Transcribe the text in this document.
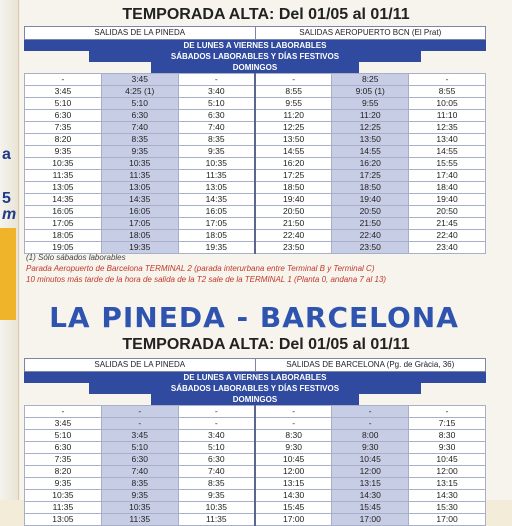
a
5
m
TEMPORADA ALTA: Del 01/05 al 01/11
SALIDAS DE LA PINEDA	SALIDAS AEROPUERTO BCN (El Prat)
DE LUNES A VIERNES LABORABLES
SÁBADOS LABORABLES Y DÍAS FESTIVOS
DOMINGOS
-	3:45	-	-	8:25	-
3:45	4:25 (1)	3:40	8:55	9:05 (1)	8:55
5:10	5:10	5:10	9:55	9:55	10:05
6:30	6:30	6:30	11:20	11:20	11:10
7:35	7:40	7:40	12:25	12:25	12:35
8:20	8:35	8:35	13:50	13:50	13:40
9:35	9:35	9:35	14:55	14:55	14:55
10:35	10:35	10:35	16:20	16:20	15:55
11:35	11:35	11:35	17:25	17:25	17:40
13:05	13:05	13:05	18:50	18:50	18:40
14:35	14:35	14:35	19:40	19:40	19:40
16:05	16:05	16:05	20:50	20:50	20:50
17:05	17:05	17:05	21:50	21:50	21:45
18:05	18:05	18:05	22:40	22:40	22:40
19:05	19:35	19:35	23:50	23:50	23:40
(1) Sólo sábados laborables
Parada Aeropuerto de Barcelona TERMINAL 2 (parada interurbana entre Terminal B y Terminal C)
10 minutos más tarde de la hora de salida de la T2 sale de la TERMINAL 1 (Planta 0, andana 7 al 13)
LA PINEDA - BARCELONA
TEMPORADA ALTA: Del 01/05 al 01/11
SALIDAS DE LA PINEDA	SALIDAS DE BARCELONA (Pg. de Gràcia, 36)
DE LUNES A VIERNES LABORABLES
SÁBADOS LABORABLES Y DÍAS FESTIVOS
DOMINGOS
-	-	-	-	-	-
3:45	-	-	-	-	7:15
5:10	3:45	3:40	8:30	8:00	8:30
6:30	5:10	5:10	9:30	9:30	9:30
7:35	6:30	6:30	10:45	10:45	10:45
8:20	7:40	7:40	12:00	12:00	12:00
9:35	8:35	8:35	13:15	13:15	13:15
10:35	9:35	9:35	14:30	14:30	14:30
11:35	10:35	10:35	15:45	15:45	15:30
13:05	11:35	11:35	17:00	17:00	17:00
